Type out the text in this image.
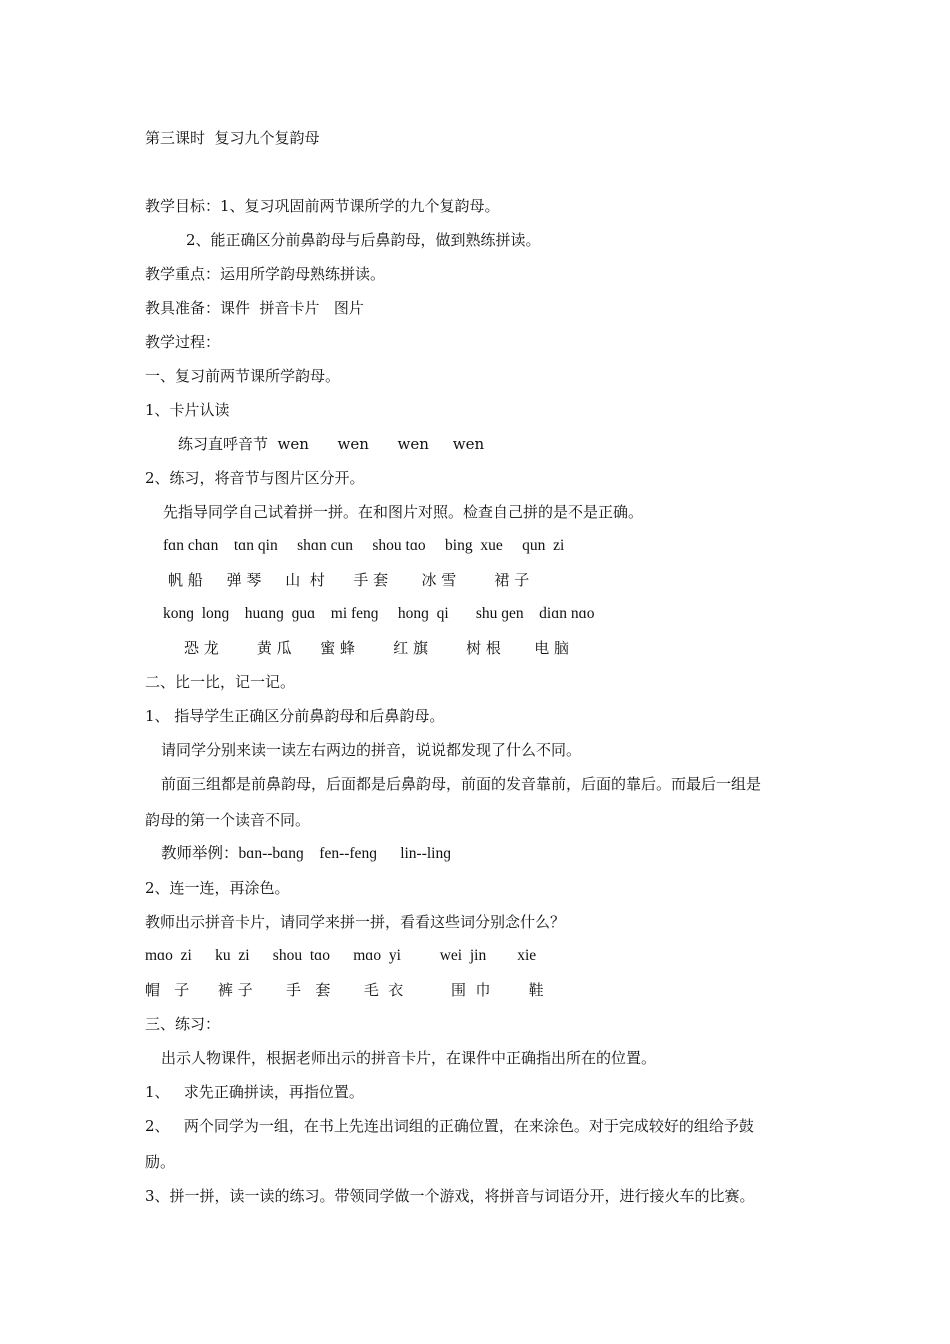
第三课时  复习九个复韵母
教学目标：1、复习巩固前两节课所学的九个复韵母。
2、能正确区分前鼻韵母与后鼻韵母，做到熟练拼读。
教学重点：运用所学韵母熟练拼读。
教具准备：课件  拼音卡片   图片
教学过程：
一、复习前两节课所学韵母。
1、卡片认读
练习直呼音节  wen      wen      wen     wen
2、练习，将音节与图片区分开。
先指导同学自己试着拼一拼。在和图片对照。检查自己拼的是不是正确。
fɑn chɑn    tɑn qin     shɑn cun     shou tɑo     bing  xue     qun  zi
帆 船     弹 琴     山  村      手 套       冰 雪        裙 子
konɡ  lonɡ    huɑnɡ  ɡuɑ    mi fenɡ     honɡ  qi       shu ɡen    diɑn nɑo
恐 龙        黄 瓜      蜜 蜂        红 旗        树 根       电 脑
二、比一比，记一记。
1、 指导学生正确区分前鼻韵母和后鼻韵母。
请同学分别来读一读左右两边的拼音，说说都发现了什么不同。
前面三组都是前鼻韵母，后面都是后鼻韵母，前面的发音靠前，后面的靠后。而最后一组是
韵母的第一个读音不同。
教师举例：bɑn--bɑnɡ    fen--fenɡ      lin--linɡ
2、连一连，再涂色。
教师出示拼音卡片，请同学来拼一拼，看看这些词分别念什么？
mɑo  zi      ku  zi      shou  tɑo      mɑo  yi          wei  jin        xie
帽   子      裤 子       手   套       毛  衣          围  巾        鞋
三、练习：
出示人物课件，根据老师出示的拼音卡片，在课件中正确指出所在的位置。
1、   求先正确拼读，再指位置。
2、   两个同学为一组，在书上先连出词组的正确位置，在来涂色。对于完成较好的组给予鼓
励。
3、拼一拼，读一读的练习。带领同学做一个游戏，将拼音与词语分开，进行接火车的比赛。
